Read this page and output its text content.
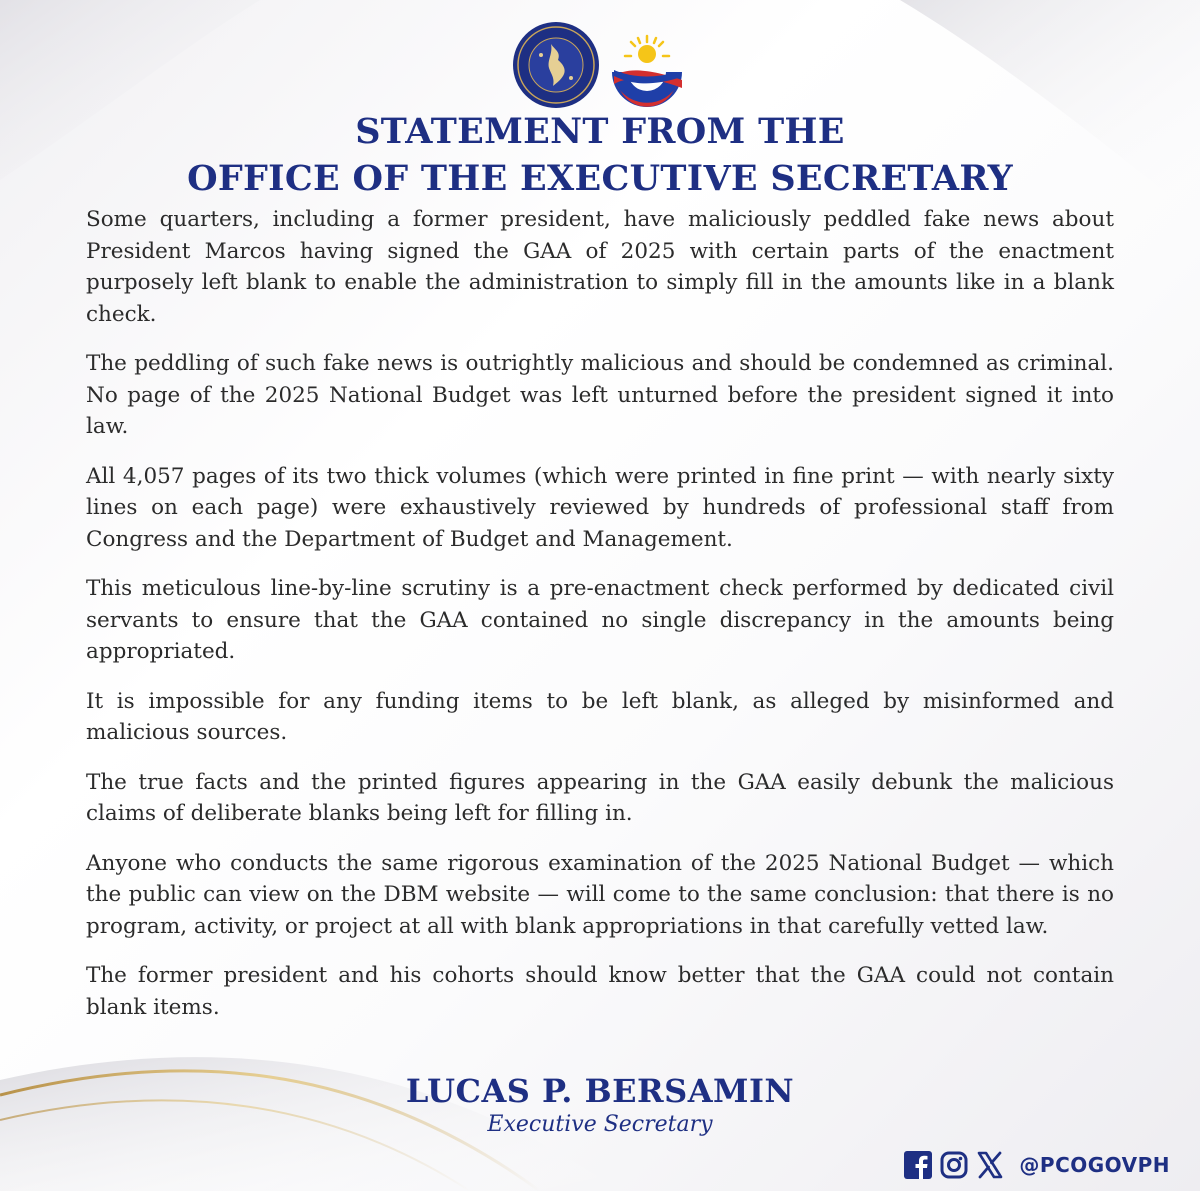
STATEMENT FROM THE
OFFICE OF THE EXECUTIVE SECRETARY

Some quarters, including a former president, have maliciously peddled fake news about President Marcos having signed the GAA of 2025 with certain parts of the enactment purposely left blank to enable the administration to simply fill in the amounts like in a blank check.

The peddling of such fake news is outrightly malicious and should be condemned as criminal. No page of the 2025 National Budget was left unturned before the president signed it into law.

All 4,057 pages of its two thick volumes (which were printed in fine print — with nearly sixty lines on each page) were exhaustively reviewed by hundreds of professional staff from Congress and the Department of Budget and Management.

This meticulous line-by-line scrutiny is a pre-enactment check performed by dedicated civil servants to ensure that the GAA contained no single discrepancy in the amounts being appropriated.

It is impossible for any funding items to be left blank, as alleged by misinformed and malicious sources.

The true facts and the printed figures appearing in the GAA easily debunk the malicious claims of deliberate blanks being left for filling in.

Anyone who conducts the same rigorous examination of the 2025 National Budget — which the public can view on the DBM website — will come to the same conclusion: that there is no program, activity, or project at all with blank appropriations in that carefully vetted law.

The former president and his cohorts should know better that the GAA could not contain blank items.

LUCAS P. BERSAMIN
Executive Secretary
@PCOGOVPH
